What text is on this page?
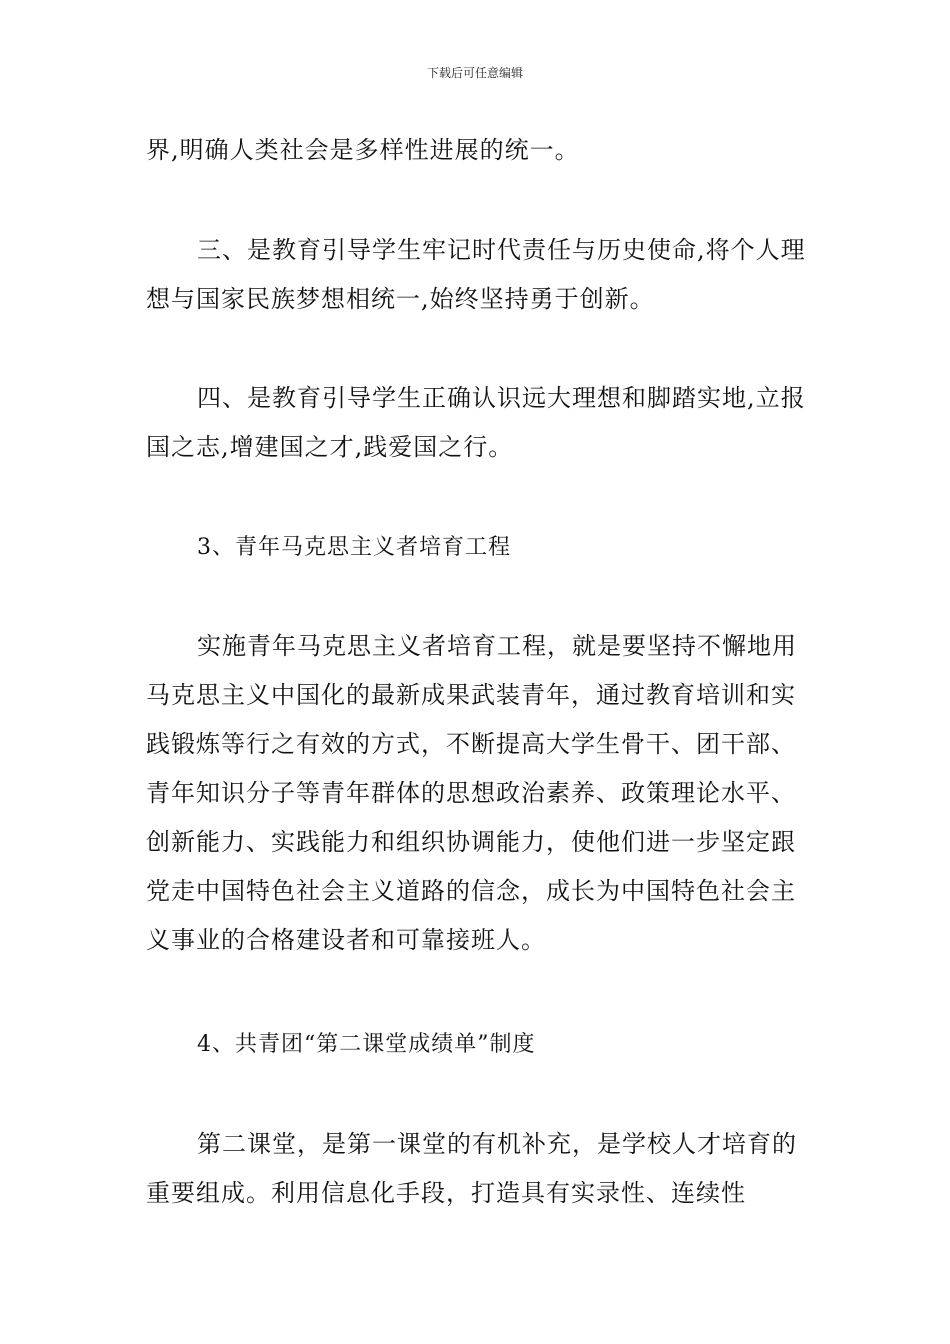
下载后可任意编辑

界,明确人类社会是多样性进展的统一。

三、是教育引导学生牢记时代责任与历史使命,将个人理想与国家民族梦想相统一,始终坚持勇于创新。

四、是教育引导学生正确认识远大理想和脚踏实地,立报国之志,增建国之才,践爱国之行。

3、青年马克思主义者培育工程

实施青年马克思主义者培育工程，就是要坚持不懈地用马克思主义中国化的最新成果武装青年，通过教育培训和实践锻炼等行之有效的方式，不断提高大学生骨干、团干部、青年知识分子等青年群体的思想政治素养、政策理论水平、创新能力、实践能力和组织协调能力，使他们进一步坚定跟党走中国特色社会主义道路的信念，成长为中国特色社会主义事业的合格建设者和可靠接班人。

4、共青团“第二课堂成绩单”制度

第二课堂，是第一课堂的有机补充，是学校人才培育的重要组成。利用信息化手段，打造具有实录性、连续性
